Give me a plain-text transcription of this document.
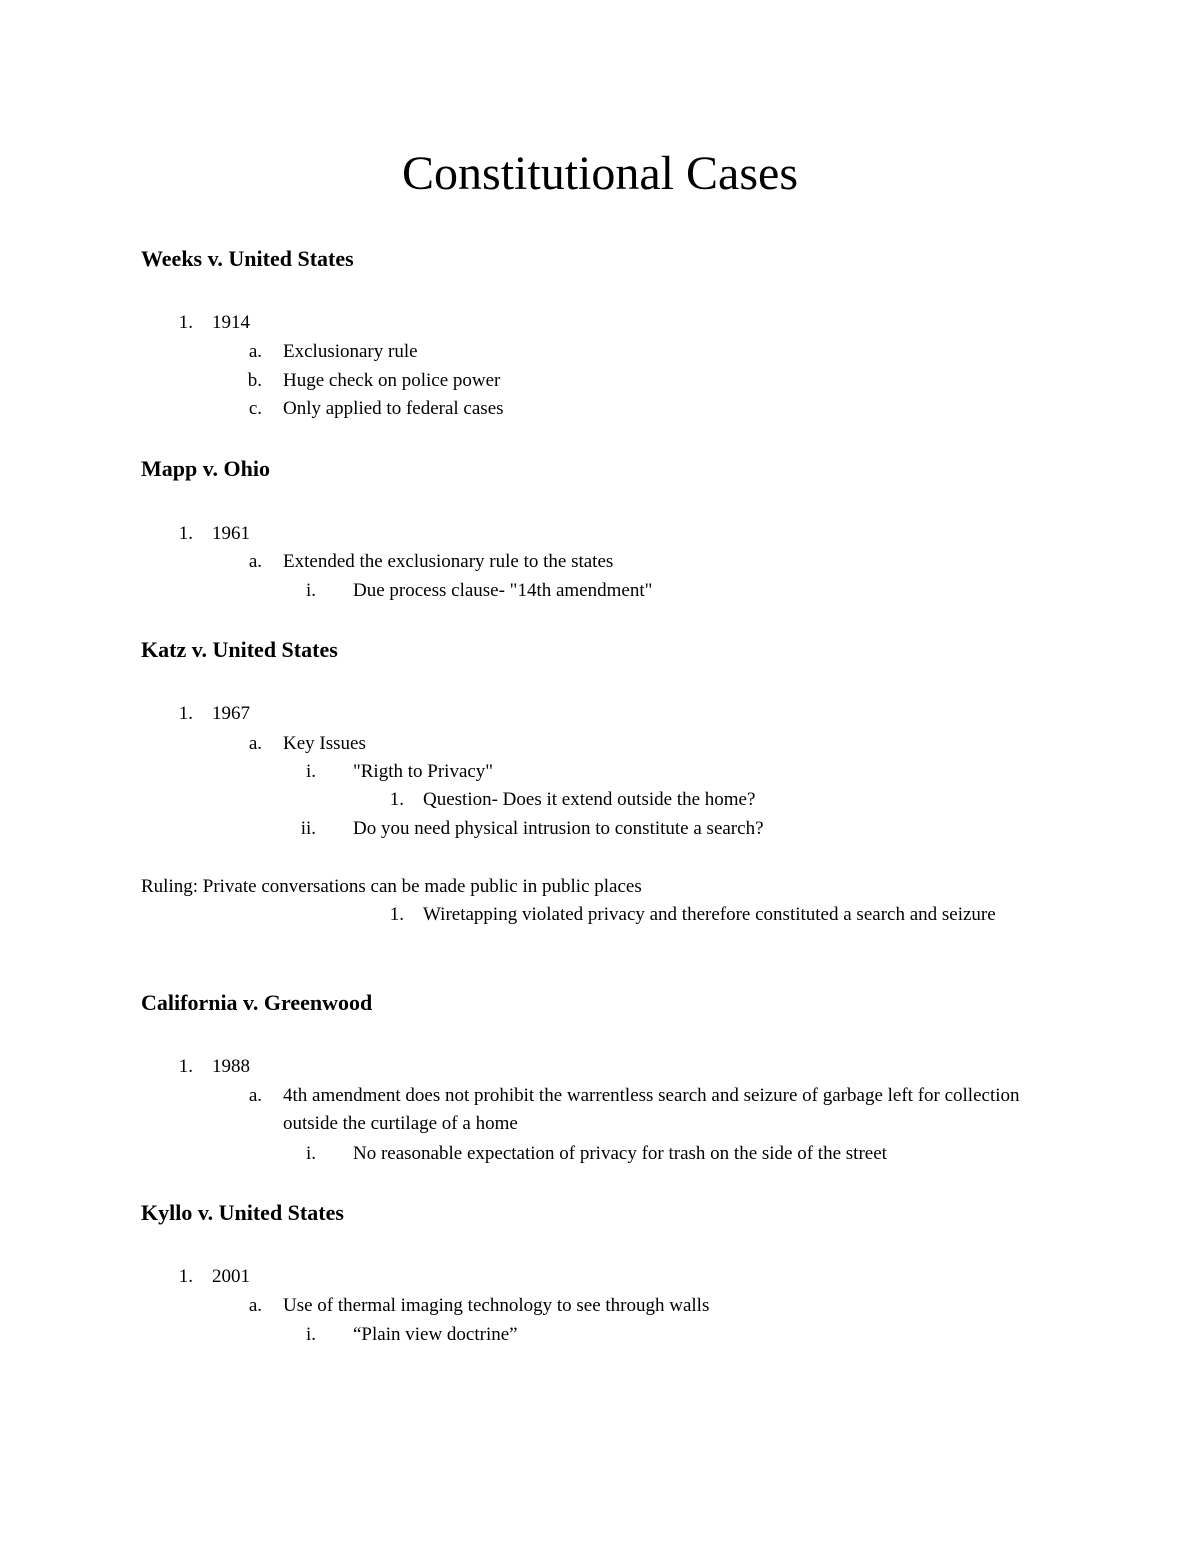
Constitutional Cases
Weeks v. United States
1. 1914
a. Exclusionary rule
b. Huge check on police power
c. Only applied to federal cases
Mapp v. Ohio
1. 1961
a. Extended the exclusionary rule to the states
i. Due process clause- "14th amendment"
Katz v. United States
1. 1967
a. Key Issues
i. "Rigth to Privacy"
1. Question- Does it extend outside the home?
ii. Do you need physical intrusion to constitute a search?
Ruling: Private conversations can be made public in public places
1. Wiretapping violated privacy and therefore constituted a search and seizure
California v. Greenwood
1. 1988
a. 4th amendment does not prohibit the warrentless search and seizure of garbage left for collection outside the curtilage of a home
i. No reasonable expectation of privacy for trash on the side of the street
Kyllo v. United States
1. 2001
a. Use of thermal imaging technology to see through walls
i. “Plain view doctrine”
